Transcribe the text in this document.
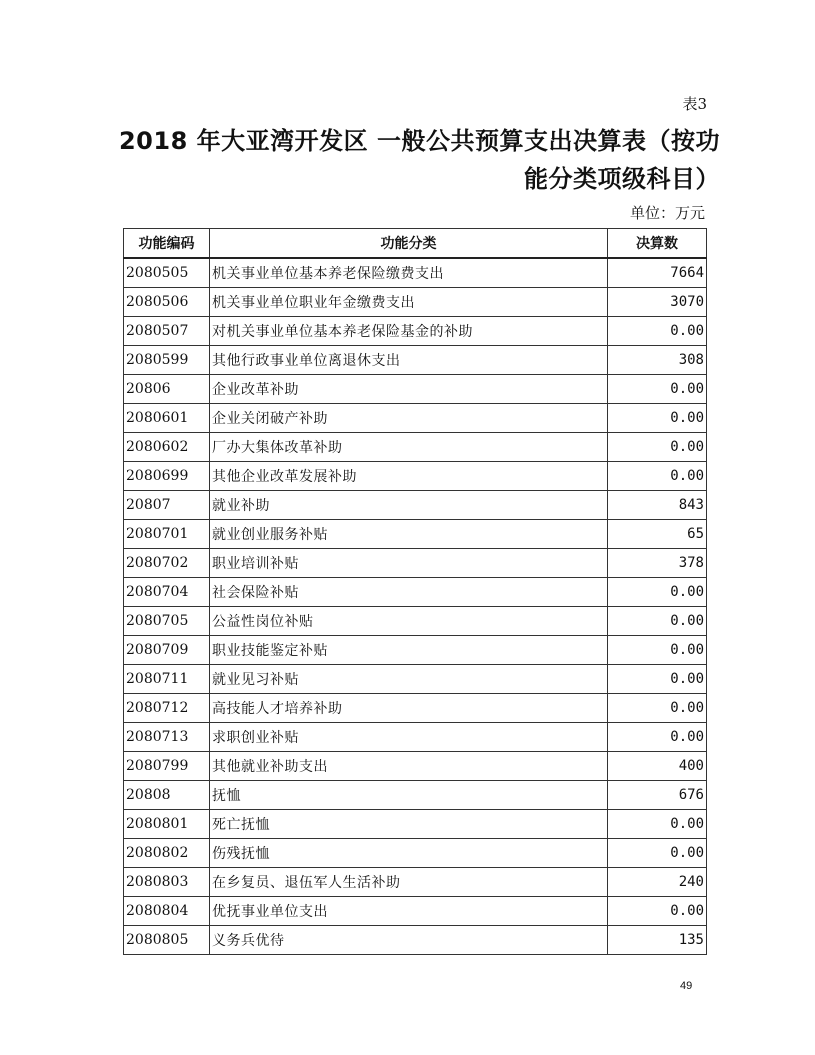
表3
2018 年大亚湾开发区 一般公共预算支出决算表（按功
能分类项级科目）
单位：万元
功能编码	功能分类	决算数
2080505	机关事业单位基本养老保险缴费支出	7664
2080506	机关事业单位职业年金缴费支出	3070
2080507	对机关事业单位基本养老保险基金的补助	0.00
2080599	其他行政事业单位离退休支出	308
20806	企业改革补助	0.00
2080601	企业关闭破产补助	0.00
2080602	厂办大集体改革补助	0.00
2080699	其他企业改革发展补助	0.00
20807	就业补助	843
2080701	就业创业服务补贴	65
2080702	职业培训补贴	378
2080704	社会保险补贴	0.00
2080705	公益性岗位补贴	0.00
2080709	职业技能鉴定补贴	0.00
2080711	就业见习补贴	0.00
2080712	高技能人才培养补助	0.00
2080713	求职创业补贴	0.00
2080799	其他就业补助支出	400
20808	抚恤	676
2080801	死亡抚恤	0.00
2080802	伤残抚恤	0.00
2080803	在乡复员、退伍军人生活补助	240
2080804	优抚事业单位支出	0.00
2080805	义务兵优待	135
49
